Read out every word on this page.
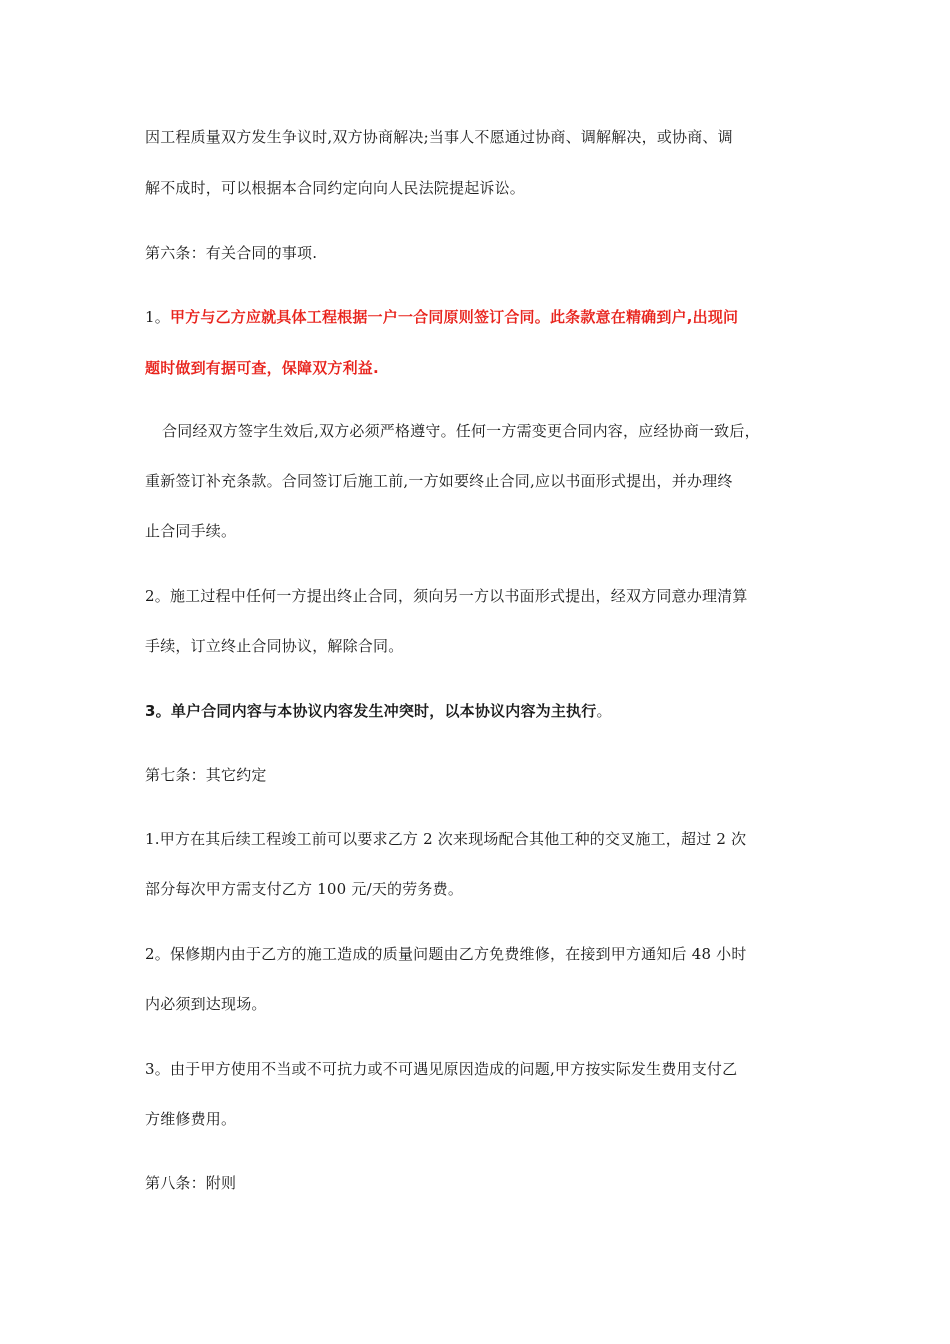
因工程质量双方发生争议时,双方协商解决;当事人不愿通过协商、调解解决，或协商、调
解不成时，可以根据本合同约定向向人民法院提起诉讼。
第六条：有关合同的事项.
1。甲方与乙方应就具体工程根据一户一合同原则签订合同。此条款意在精确到户,出现问
题时做到有据可查，保障双方利益.
合同经双方签字生效后,双方必须严格遵守。任何一方需变更合同内容，应经协商一致后，
重新签订补充条款。合同签订后施工前,一方如要终止合同,应以书面形式提出，并办理终
止合同手续。
2。施工过程中任何一方提出终止合同，须向另一方以书面形式提出，经双方同意办理清算
手续，订立终止合同协议，解除合同。
3。单户合同内容与本协议内容发生冲突时，以本协议内容为主执行。
第七条：其它约定
1.甲方在其后续工程竣工前可以要求乙方 2 次来现场配合其他工种的交叉施工，超过 2 次
部分每次甲方需支付乙方 100 元/天的劳务费。
2。保修期内由于乙方的施工造成的质量问题由乙方免费维修，在接到甲方通知后 48 小时
内必须到达现场。
3。由于甲方使用不当或不可抗力或不可遇见原因造成的问题,甲方按实际发生费用支付乙
方维修费用。
第八条：附则
